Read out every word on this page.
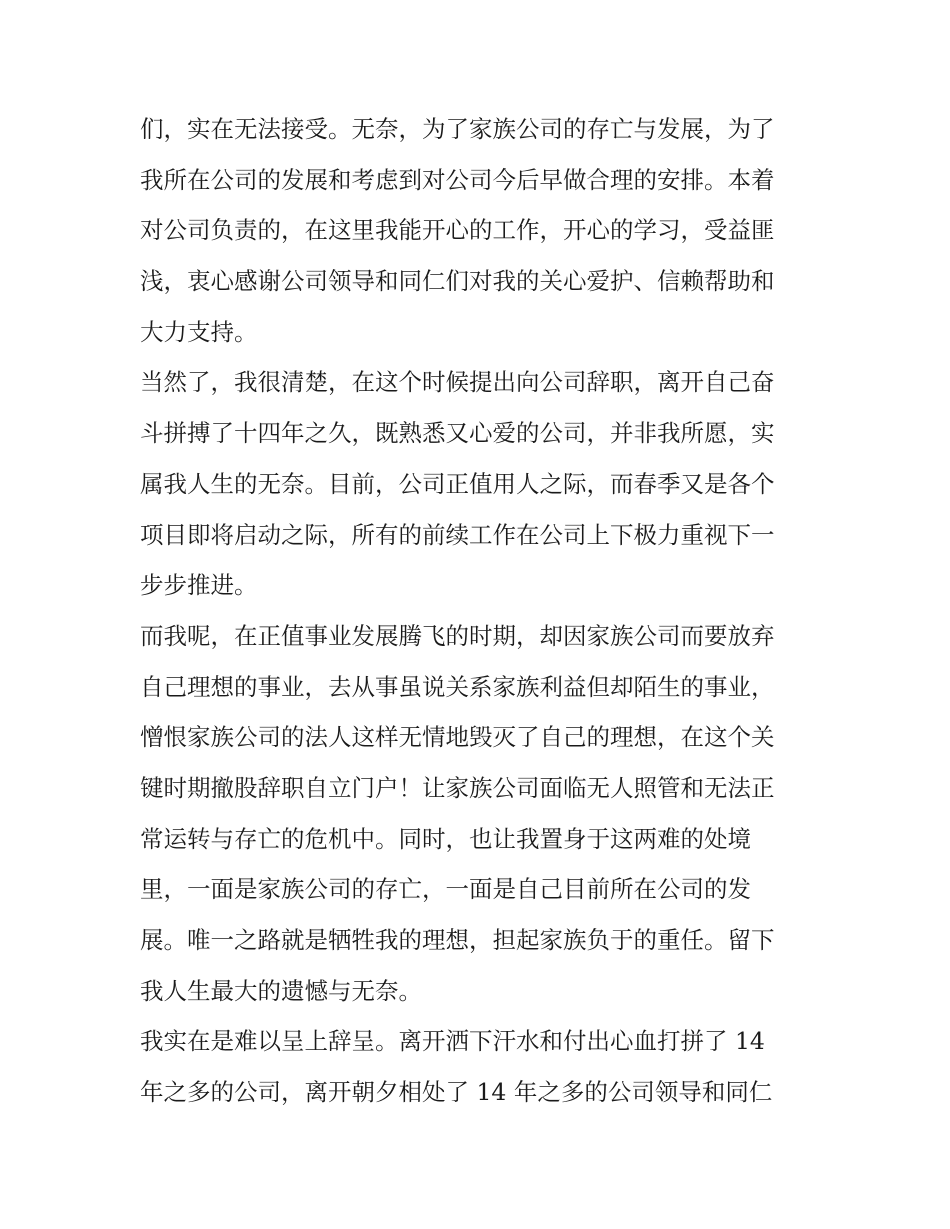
们，实在无法接受。无奈，为了家族公司的存亡与发展，为了
我所在公司的发展和考虑到对公司今后早做合理的安排。本着
对公司负责的，在这里我能开心的工作，开心的学习，受益匪
浅，衷心感谢公司领导和同仁们对我的关心爱护、信赖帮助和
大力支持。
当然了，我很清楚，在这个时候提出向公司辞职，离开自己奋
斗拼搏了十四年之久，既熟悉又心爱的公司，并非我所愿，实
属我人生的无奈。目前，公司正值用人之际，而春季又是各个
项目即将启动之际，所有的前续工作在公司上下极力重视下一
步步推进。
而我呢，在正值事业发展腾飞的时期，却因家族公司而要放弃
自己理想的事业，去从事虽说关系家族利益但却陌生的事业，
憎恨家族公司的法人这样无情地毁灭了自己的理想，在这个关
键时期撤股辞职自立门户！让家族公司面临无人照管和无法正
常运转与存亡的危机中。同时，也让我置身于这两难的处境
里，一面是家族公司的存亡，一面是自己目前所在公司的发
展。唯一之路就是牺牲我的理想，担起家族负于的重任。留下
我人生最大的遗憾与无奈。
我实在是难以呈上辞呈。离开洒下汗水和付出心血打拼了 14
年之多的公司，离开朝夕相处了 14 年之多的公司领导和同仁
